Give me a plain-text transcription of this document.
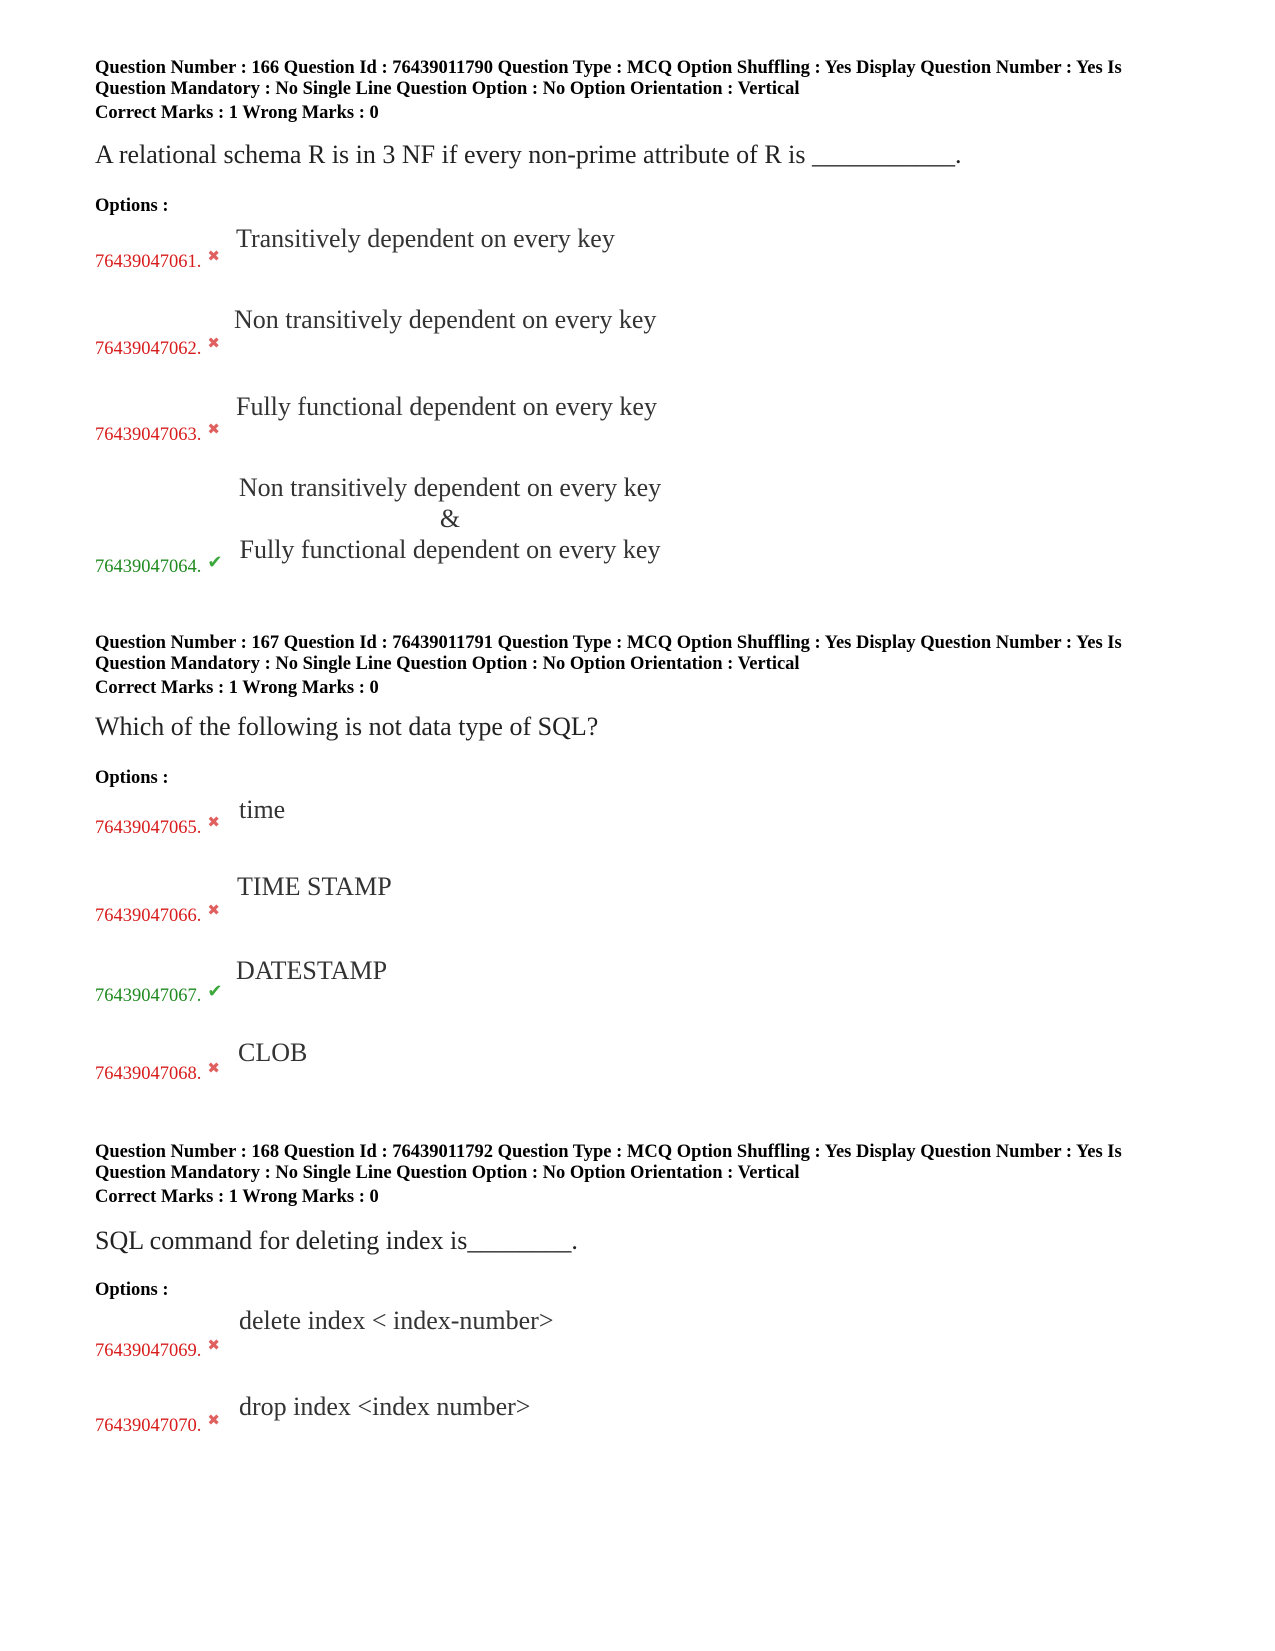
Question Number : 166 Question Id : 76439011790 Question Type : MCQ Option Shuffling : Yes Display Question Number : Yes Is
Question Mandatory : No Single Line Question Option : No Option Orientation : Vertical
Correct Marks : 1 Wrong Marks : 0
A relational schema R is in 3 NF if every non-prime attribute of R is ___________.
Options :
76439047061. ✖
Transitively dependent on every key
76439047062. ✖
Non transitively dependent on every key
76439047063. ✖
Fully functional dependent on every key
76439047064. ✔
Non transitively dependent on every key
&
Fully functional dependent on every key
Question Number : 167 Question Id : 76439011791 Question Type : MCQ Option Shuffling : Yes Display Question Number : Yes Is
Question Mandatory : No Single Line Question Option : No Option Orientation : Vertical
Correct Marks : 1 Wrong Marks : 0
Which of the following is not data type of SQL?
Options :
76439047065. ✖ time
76439047066. ✖
TIME STAMP
76439047067. ✔
DATESTAMP
76439047068. ✖
CLOB
Question Number : 168 Question Id : 76439011792 Question Type : MCQ Option Shuffling : Yes Display Question Number : Yes Is
Question Mandatory : No Single Line Question Option : No Option Orientation : Vertical
Correct Marks : 1 Wrong Marks : 0
SQL command for deleting index is________.
Options :
76439047069. ✖
delete index < index-number>
76439047070. ✖ drop index <index number>
